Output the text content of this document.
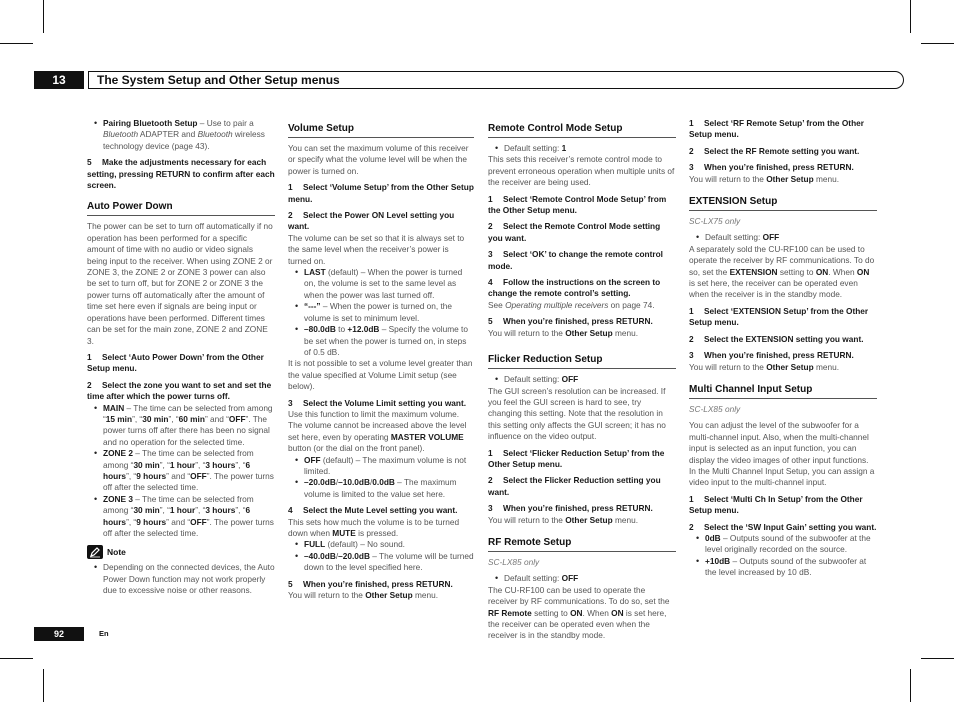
13	The System Setup and Other Setup menus
• Pairing Bluetooth Setup – Use to pair a Bluetooth ADAPTER and Bluetooth wireless technology device (page 43).

5 Make the adjustments necessary for each setting, pressing RETURN to confirm after each screen.

Auto Power Down

The power can be set to turn off automatically if no operation has been performed for a specific amount of time with no audio or video signals being input to the receiver. When using ZONE 2 or ZONE 3, the ZONE 2 or ZONE 3 power can also be set to turn off, but for ZONE 2 or ZONE 3 the power turns off automatically after the amount of time set here even if signals are being input or operations have been performed. Different times can be set for the main zone, ZONE 2 and ZONE 3.

1 Select ‘Auto Power Down’ from the Other Setup menu.

2 Select the zone you want to set and set the time after which the power turns off.

• MAIN – The time can be selected from among “15 min”, “30 min”, “60 min” and “OFF”. The power turns off after there has been no signal and no operation for the selected time.
• ZONE 2 – The time can be selected from among “30 min”, “1 hour”, “3 hours”, “6 hours”, “9 hours” and “OFF”. The power turns off after the selected time.
• ZONE 3 – The time can be selected from among “30 min”, “1 hour”, “3 hours”, “6 hours”, “9 hours” and “OFF”. The power turns off after the selected time.
Note
• Depending on the connected devices, the Auto Power Down function may not work properly due to excessive noise or other reasons.
Volume Setup

You can set the maximum volume of this receiver or specify what the volume level will be when the power is turned on.

1 Select ‘Volume Setup’ from the Other Setup menu.

2 Select the Power ON Level setting you want.

The volume can be set so that it is always set to the same level when the receiver’s power is turned on.

• LAST (default) – When the power is turned on, the volume is set to the same level as when the power was last turned off.
• “---” – When the power is turned on, the volume is set to minimum level.
• –80.0dB to +12.0dB – Specify the volume to be set when the power is turned on, in steps of 0.5 dB.

It is not possible to set a volume level greater than the value specified at Volume Limit setup (see below).

3 Select the Volume Limit setting you want.

Use this function to limit the maximum volume. The volume cannot be increased above the level set here, even by operating MASTER VOLUME button (or the dial on the front panel).

• OFF (default) – The maximum volume is not limited.
• –20.0dB/–10.0dB/0.0dB – The maximum volume is limited to the value set here.

4 Select the Mute Level setting you want.

This sets how much the volume is to be turned down when MUTE is pressed.

• FULL (default) – No sound.
• –40.0dB/–20.0dB – The volume will be turned down to the level specified here.

5 When you’re finished, press RETURN.

You will return to the Other Setup menu.

Remote Control Mode Setup
• Default setting: 1

This sets this receiver’s remote control mode to prevent erroneous operation when multiple units of the receiver are being used.

1 Select ‘Remote Control Mode Setup’ from the Other Setup menu.

2 Select the Remote Control Mode setting you want.

3 Select ‘OK’ to change the remote control mode.

4 Follow the instructions on the screen to change the remote control’s setting.

See Operating multiple receivers on page 74.

5 When you’re finished, press RETURN.

You will return to the Other Setup menu.

Flicker Reduction Setup
• Default setting: OFF

The GUI screen’s resolution can be increased. If you feel the GUI screen is hard to see, try changing this setting. Note that the resolution in this setting only affects the GUI screen; it has no influence on the video output.

1 Select ‘Flicker Reduction Setup’ from the Other Setup menu.

2 Select the Flicker Reduction setting you want.

3 When you’re finished, press RETURN.

You will return to the Other Setup menu.

RF Remote Setup

SC-LX85 only

• Default setting: OFF

The CU-RF100 can be used to operate the receiver by RF communications. To do so, set the RF Remote setting to ON. When ON is set here, the receiver can be operated even when the receiver is in the standby mode.

1 Select ‘RF Remote Setup’ from the Other Setup menu.

2 Select the RF Remote setting you want.

3 When you’re finished, press RETURN.

You will return to the Other Setup menu.

EXTENSION Setup

SC-LX75 only

• Default setting: OFF

A separately sold the CU-RF100 can be used to operate the receiver by RF communications. To do so, set the EXTENSION setting to ON. When ON is set here, the receiver can be operated even when the receiver is in the standby mode.

1 Select ‘EXTENSION Setup’ from the Other Setup menu.

2 Select the EXTENSION setting you want.

3 When you’re finished, press RETURN.

You will return to the Other Setup menu.

Multi Channel Input Setup

SC-LX85 only

You can adjust the level of the subwoofer for a multi-channel input. Also, when the multi-channel input is selected as an input function, you can display the video images of other input functions. In the Multi Channel Input Setup, you can assign a video input to the multi-channel input.

1 Select ‘Multi Ch In Setup’ from the Other Setup menu.

2 Select the ‘SW Input Gain’ setting you want.

• 0dB – Outputs sound of the subwoofer at the level originally recorded on the source.
• +10dB – Outputs sound of the subwoofer at the level increased by 10 dB.
92	En
